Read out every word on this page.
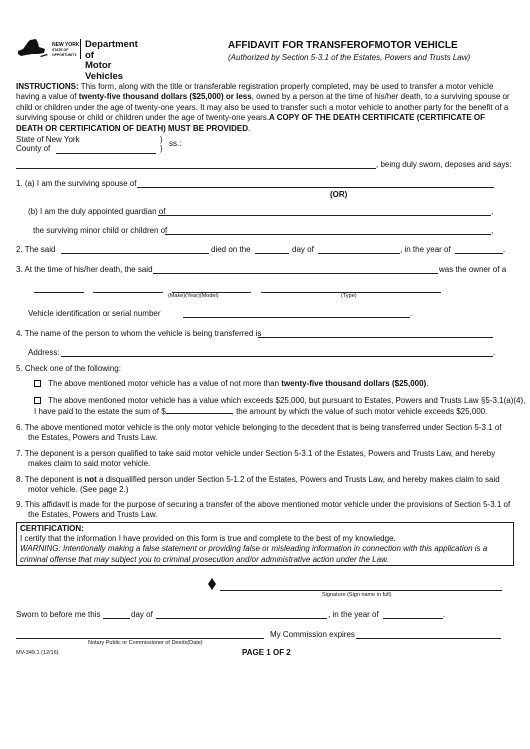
NEW YORK
STATE OF
OPPORTUNITY.
Department of
Motor Vehicles
AFFIDAVIT FOR TRANSFEROFMOTOR VEHICLE
(Authorized by Section 5-3.1 of the Estates, Powers and Trusts Law)
INSTRUCTIONS: This form, along with the title or transferable registration properly completed, may be used to transfer a motor vehicle having a value of twenty-five thousand dollars ($25,000) or less, owned by a person at the time of his/her death, to a surviving spouse or child or children under the age of twenty-one years. It may also be used to transfer such a motor vehicle to another party for the benefit of a surviving spouse or child or children under the age of twenty-one years.A COPY OF THE DEATH CERTIFICATE (CERTIFICATE OF DEATH OR CERTIFICATION OF DEATH) MUST BE PROVIDED.
State of New York
County of
)
)
ss.:
, being duly sworn, deposes and says:
1. (a) I am the surviving spouse of
(OR)
(b) I am the duly appointed guardian of	,
the surviving minor child or children of	,
2. The said	died on the	day of	, in the year of	.
3. At the time of his/her death, the said	was the owner of a
(Make)(Year)(Model)	(Type)
Vehicle identification or serial number	.
4. The name of the person to whom the vehicle is being transferred is
Address:	.
5. Check one of the following:
The above mentioned motor vehicle has a value of not more than twenty-five thousand dollars ($25,000).
The above mentioned motor vehicle has a value which exceeds $25,000, but pursuant to Estates, Powers and Trusts Law §5-3.1(a)(4),
I have paid to the estate the sum of $	, the amount by which the value of such motor vehicle exceeds $25,000.
6. The above mentioned motor vehicle is the only motor vehicle belonging to the decedent that is being transferred under Section 5-3.1 of the Estates, Powers and Trusts Law.
7. The deponent is a person qualified to take said motor vehicle under Section 5-3.1 of the Estates, Powers and Trusts Law, and hereby makes claim to said motor vehicle.
8. The deponent is not a disqualified person under Section 5-1.2 of the Estates, Powers and Trusts Law, and hereby makes claim to said motor vehicle. (See page 2.)
9. This affidavit is made for the purpose of securing a transfer of the above mentioned motor vehicle under the provisions of Section 5-3.1 of the Estates, Powers and Trusts Law.
CERTIFICATION:
I certify that the information I have provided on this form is true and complete to the best of my knowledge.
WARNING: Intentionally making a false statement or providing false or misleading information in connection with this application is a criminal offense that may subject you to criminal prosecution and/or administrative action under the Law.
Signature (Sign name in full)
Sworn to before me this	day of	, in the year of	.
My Commission expires
Notary Public or Commissioner of Deeds(Date)
MV-349.1 (12/16)	PAGE 1 OF 2
